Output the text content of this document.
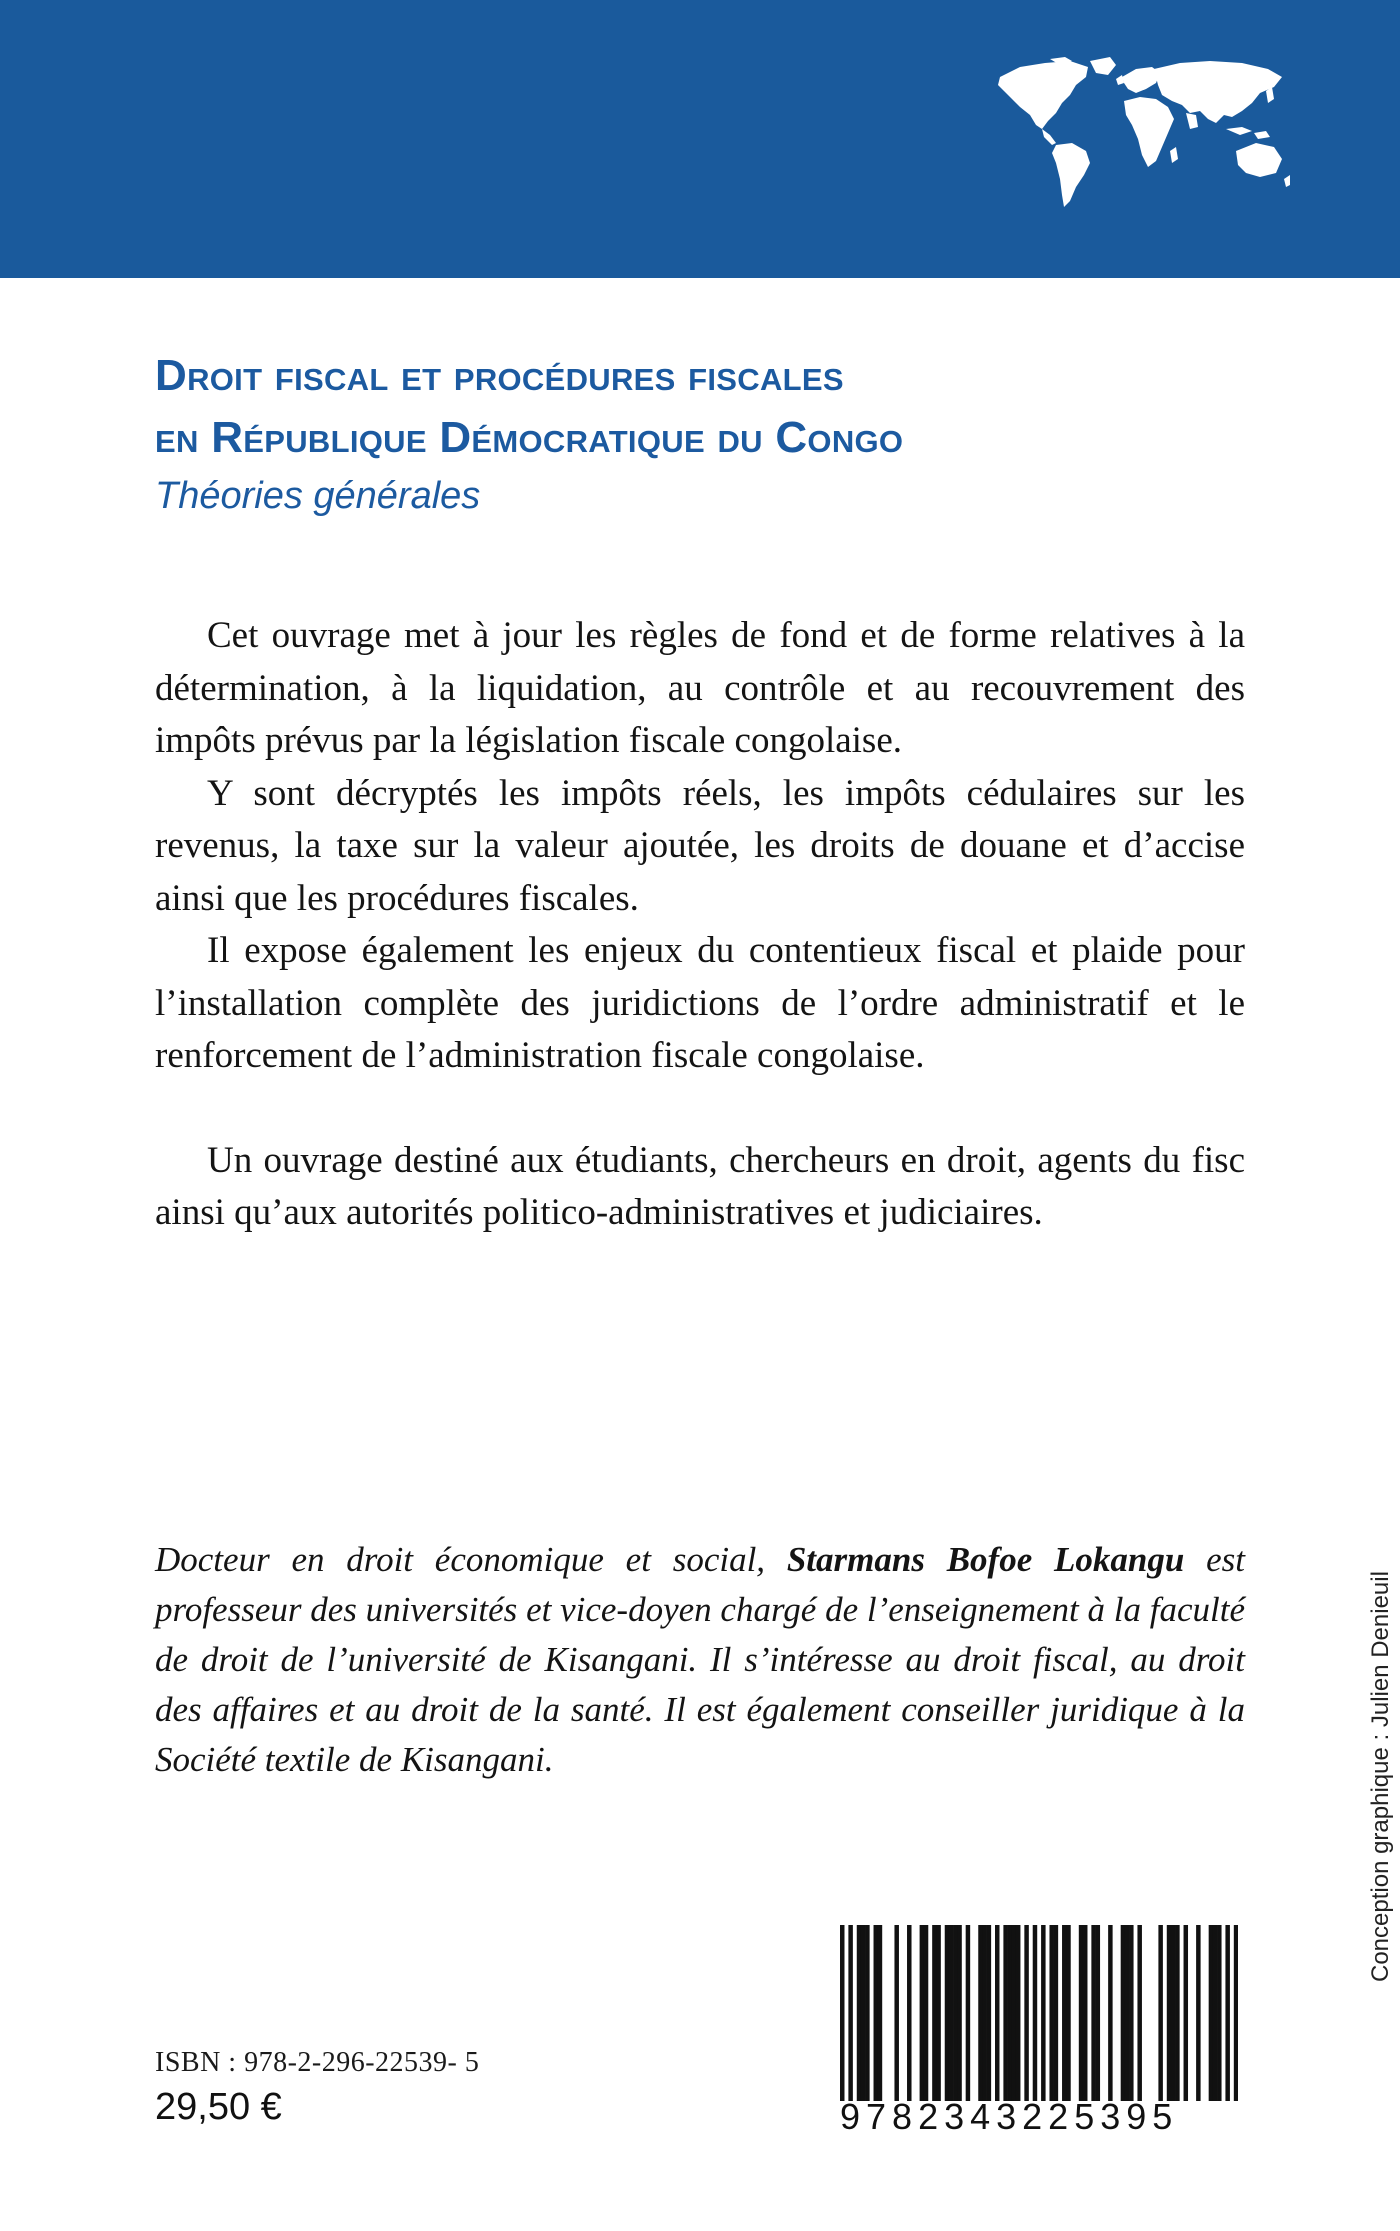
Droit fiscal et procédures fiscales
en République Démocratique du Congo
Théories générales

Cet ouvrage met à jour les règles de fond et de forme relatives à la détermination, à la liquidation, au contrôle et au recouvrement des impôts prévus par la législation fiscale congolaise.

Y sont décryptés les impôts réels, les impôts cédulaires sur les revenus, la taxe sur la valeur ajoutée, les droits de douane et d’accise ainsi que les procédures fiscales.

Il expose également les enjeux du contentieux fiscal et plaide pour l’installation complète des juridictions de l’ordre administratif et le renforcement de l’administration fiscale congolaise.

Un ouvrage destiné aux étudiants, chercheurs en droit, agents du fisc ainsi qu’aux autorités politico-administratives et judiciaires.

Docteur en droit économique et social, Starmans Bofoe Lokangu est professeur des universités et vice-doyen chargé de l’enseignement à la faculté de droit de l’université de Kisangani. Il s’intéresse au droit fiscal, au droit des affaires et au droit de la santé. Il est également conseiller juridique à la Société textile de Kisangani.	Conception graphique : Julien Denieuil
9782343225395
ISBN : 978-2-296-22539- 5
29,50 €
